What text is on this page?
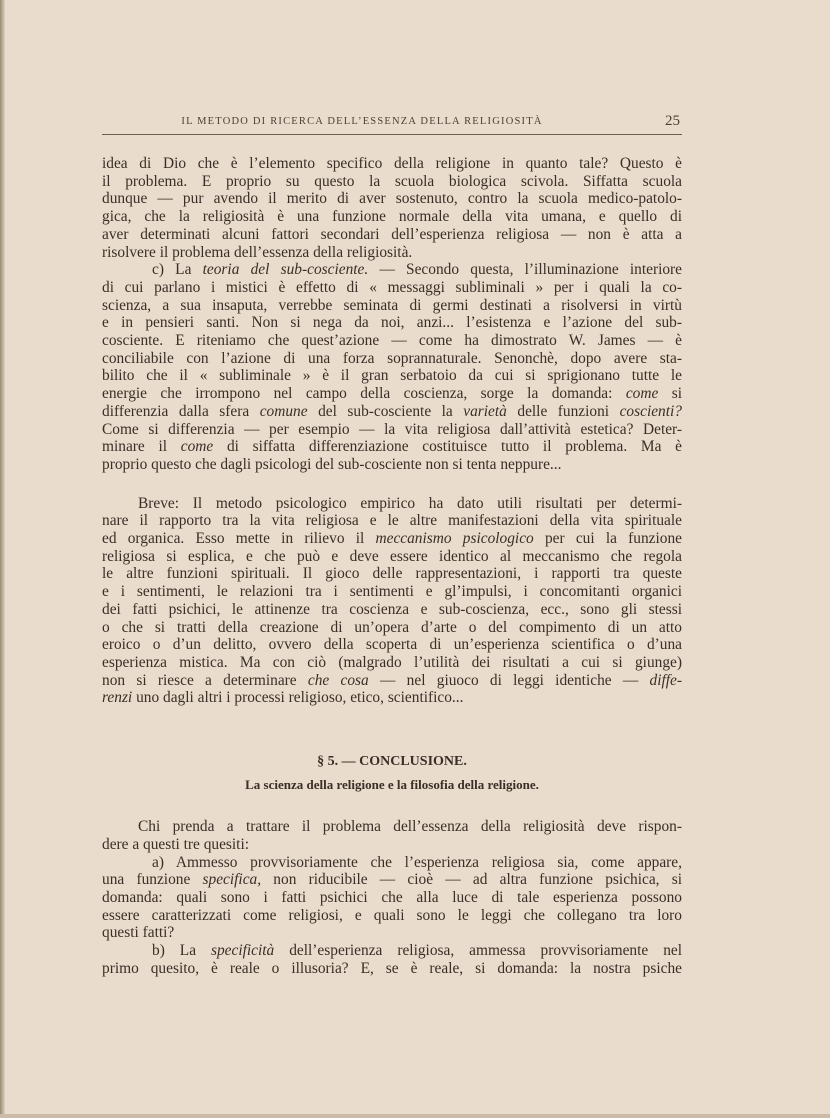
IL METODO DI RICERCA DELL’ESSENZA DELLA RELIGIOSITÀ	25
idea di Dio che è l’elemento specifico della religione in quanto tale? Questo è
il problema. E proprio su questo la scuola biologica scivola. Siffatta scuola
dunque — pur avendo il merito di aver sostenuto, contro la scuola medico-patolo-
gica, che la religiosità è una funzione normale della vita umana, e quello di
aver determinati alcuni fattori secondari dell’esperienza religiosa — non è atta a
risolvere il problema dell’essenza della religiosità.
c) La teoria del sub-cosciente. — Secondo questa, l’illuminazione interiore
di cui parlano i mistici è effetto di « messaggi subliminali » per i quali la co-
scienza, a sua insaputa, verrebbe seminata di germi destinati a risolversi in virtù
e in pensieri santi. Non si nega da noi, anzi... l’esistenza e l’azione del sub-
cosciente. E riteniamo che quest’azione — come ha dimostrato W. James — è
conciliabile con l’azione di una forza soprannaturale. Senonchè, dopo avere sta-
bilito che il « subliminale » è il gran serbatoio da cui si sprigionano tutte le
energie che irrompono nel campo della coscienza, sorge la domanda: come si
differenzia dalla sfera comune del sub-cosciente la varietà delle funzioni coscienti?
Come si differenzia — per esempio — la vita religiosa dall’attività estetica? Deter-
minare il come di siffatta differenziazione costituisce tutto il problema. Ma è
proprio questo che dagli psicologi del sub-cosciente non si tenta neppure...
Breve: Il metodo psicologico empirico ha dato utili risultati per determi-
nare il rapporto tra la vita religiosa e le altre manifestazioni della vita spirituale
ed organica. Esso mette in rilievo il meccanismo psicologico per cui la funzione
religiosa si esplica, e che può e deve essere identico al meccanismo che regola
le altre funzioni spirituali. Il gioco delle rappresentazioni, i rapporti tra queste
e i sentimenti, le relazioni tra i sentimenti e gl’impulsi, i concomitanti organici
dei fatti psichici, le attinenze tra coscienza e sub-coscienza, ecc., sono gli stessi
o che si tratti della creazione di un’opera d’arte o del compimento di un atto
eroico o d’un delitto, ovvero della scoperta di un’esperienza scientifica o d’una
esperienza mistica. Ma con ciò (malgrado l’utilità dei risultati a cui si giunge)
non si riesce a determinare che cosa — nel giuoco di leggi identiche — diffe-
renzi uno dagli altri i processi religioso, etico, scientifico...
§ 5. — CONCLUSIONE.
La scienza della religione e la filosofia della religione.
Chi prenda a trattare il problema dell’essenza della religiosità deve rispon-
dere a questi tre quesiti:
a) Ammesso provvisoriamente che l’esperienza religiosa sia, come appare,
una funzione specifica, non riducibile — cioè — ad altra funzione psichica, si
domanda: quali sono i fatti psichici che alla luce di tale esperienza possono
essere caratterizzati come religiosi, e quali sono le leggi che collegano tra loro
questi fatti?
b) La specificità dell’esperienza religiosa, ammessa provvisoriamente nel
primo quesito, è reale o illusoria? E, se è reale, si domanda: la nostra psiche
